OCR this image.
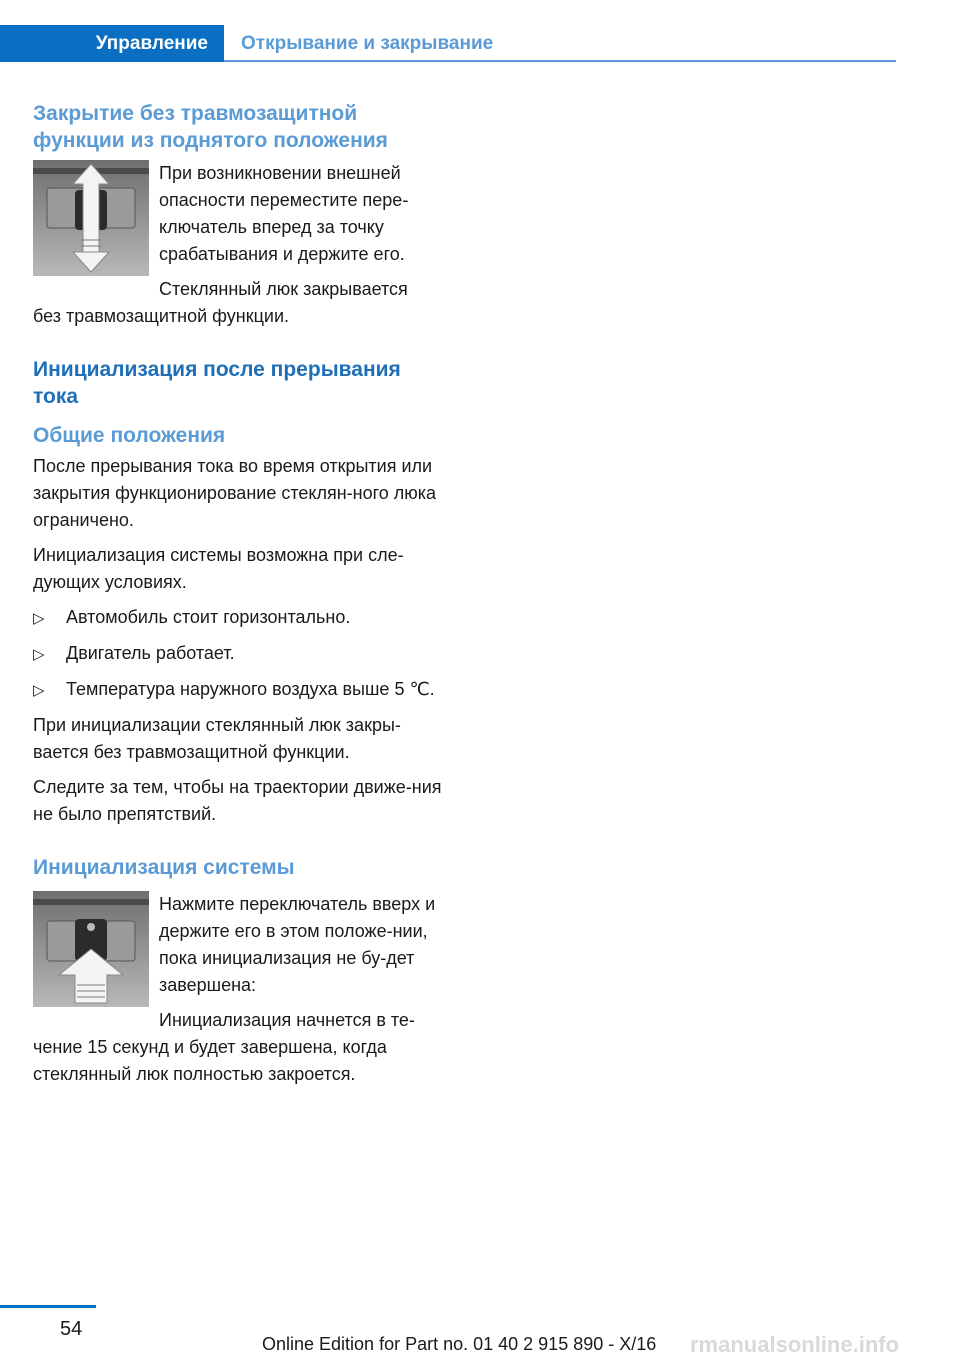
Управление Открывание и закрывание
Закрытие без травмозащитной функции из поднятого положения

При возникновении внешней опасности переместите пере-ключатель вперед за точку срабатывания и держите его.

Стеклянный люк закрывается

без травмозащитной функции.

Инициализация после прерывания тока
Общие положения

После прерывания тока во время открытия или закрытия функционирование стеклян-ного люка ограничено.

Инициализация системы возможна при сле-дующих условиях.

▷	Автомобиль стоит горизонтально.
▷	Двигатель работает.
▷	Температура наружного воздуха выше 5 ℃.

При инициализации стеклянный люк закры-вается без травмозащитной функции.

Следите за тем, чтобы на траектории движе-ния не было препятствий.

Инициализация системы

Нажмите переключатель вверх и держите его в этом положе-нии, пока инициализация не бу-дет завершена:

Инициализация начнется в те-

чение 15 секунд и будет завершена, когда стеклянный люк полностью закроется.

54
Online Edition for Part no. 01 40 2 915 890 - X/16 rmanualsonline.info
